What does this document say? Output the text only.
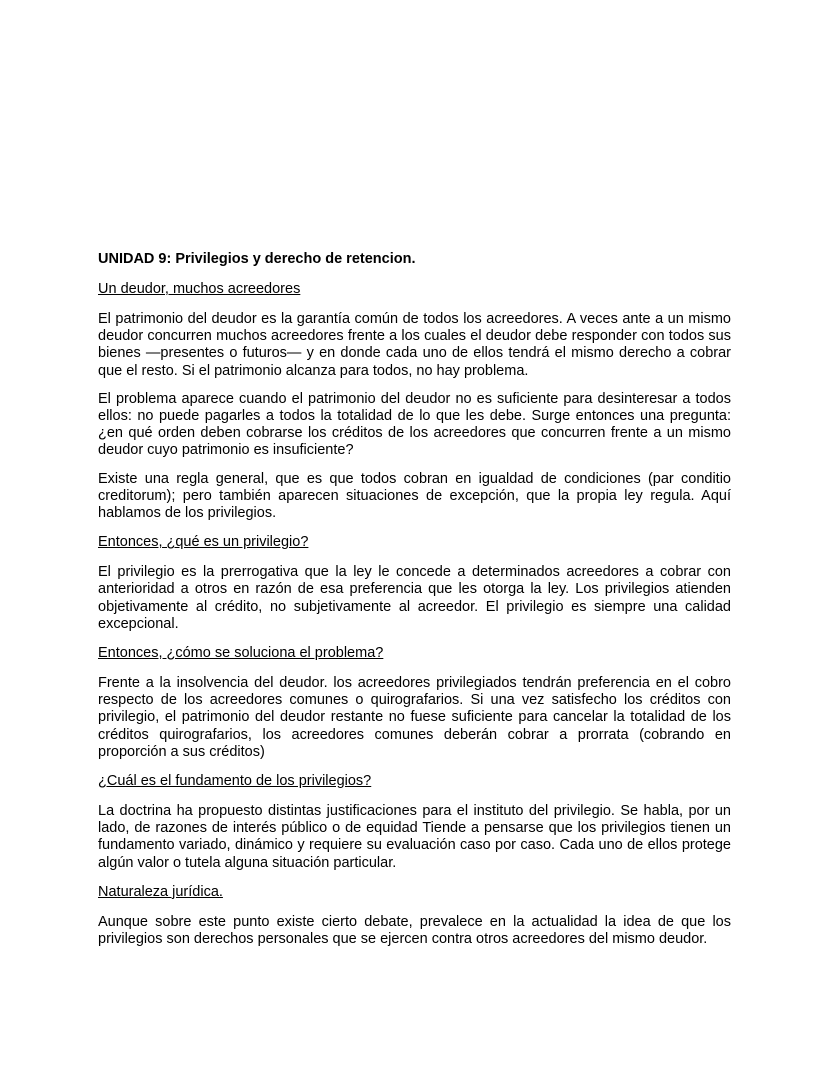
UNIDAD 9: Privilegios y derecho de retencion.
Un deudor, muchos acreedores

El patrimonio del deudor es la garantía común de todos los acreedores. A veces ante a un mismo deudor concurren muchos acreedores frente a los cuales el deudor debe responder con todos sus bienes —presentes o futuros— y en donde cada uno de ellos tendrá el mismo derecho a cobrar que el resto. Si el patrimonio alcanza para todos, no hay problema.

El problema aparece cuando el patrimonio del deudor no es suficiente para desinteresar a todos ellos: no puede pagarles a todos la totalidad de lo que les debe. Surge entonces una pregunta: ¿en qué orden deben cobrarse los créditos de los acreedores que concurren frente a un mismo deudor cuyo patrimonio es insuficiente?

Existe una regla general, que es que todos cobran en igualdad de condiciones (par conditio creditorum); pero también aparecen situaciones de excepción, que la propia ley regula. Aquí hablamos de los privilegios.

Entonces, ¿qué es un privilegio?

El privilegio es la prerrogativa que la ley le concede a determinados acreedores a cobrar con anterioridad a otros en razón de esa preferencia que les otorga la ley. Los privilegios atienden objetivamente al crédito, no subjetivamente al acreedor. El privilegio es siempre una calidad excepcional.

Entonces, ¿cómo se soluciona el problema?

Frente a la insolvencia del deudor. los acreedores privilegiados tendrán preferencia en el cobro respecto de los acreedores comunes o quirografarios. Si una vez satisfecho los créditos con privilegio, el patrimonio del deudor restante no fuese suficiente para cancelar la totalidad de los créditos quirografarios, los acreedores comunes deberán cobrar a prorrata (cobrando en proporción a sus créditos)

¿Cuál es el fundamento de los privilegios?

La doctrina ha propuesto distintas justificaciones para el instituto del privilegio. Se habla, por un lado, de razones de interés público o de equidad Tiende a pensarse que los privilegios tienen un fundamento variado, dinámico y requiere su evaluación caso por caso. Cada uno de ellos protege algún valor o tutela alguna situación particular.

Naturaleza jurídica.

Aunque sobre este punto existe cierto debate, prevalece en la actualidad la idea de que los privilegios son derechos personales que se ejercen contra otros acreedores del mismo deudor.
